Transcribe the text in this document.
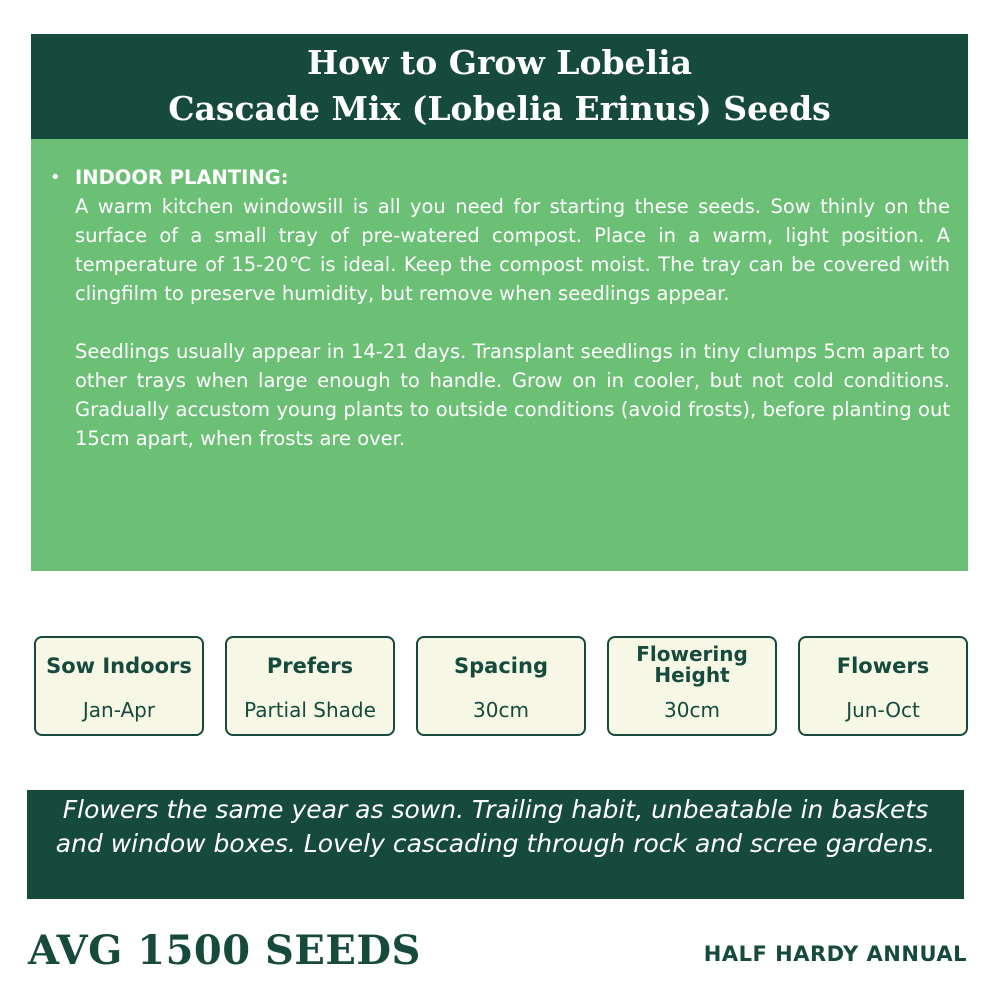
How to Grow Lobelia
Cascade Mix (Lobelia Erinus) Seeds
• INDOOR PLANTING:

A warm kitchen windowsill is all you need for starting these seeds. Sow thinly on the surface of a small tray of pre-watered compost. Place in a warm, light position. A temperature of 15-20℃ is ideal. Keep the compost moist. The tray can be covered with clingfilm to preserve humidity, but remove when seedlings appear.

Seedlings usually appear in 14-21 days. Transplant seedlings in tiny clumps 5cm apart to other trays when large enough to handle. Grow on in cooler, but not cold conditions. Gradually accustom young plants to outside conditions (avoid frosts), before planting out 15cm apart, when frosts are over.

Sow Indoors
Jan-Apr
Prefers
Partial Shade
Spacing
30cm
Flowering
Height
30cm
Flowers
Jun-Oct
Flowers the same year as sown. Trailing habit, unbeatable in baskets and window boxes. Lovely cascading through rock and scree gardens.
AVG 1500 SEEDS	HALF HARDY ANNUAL
